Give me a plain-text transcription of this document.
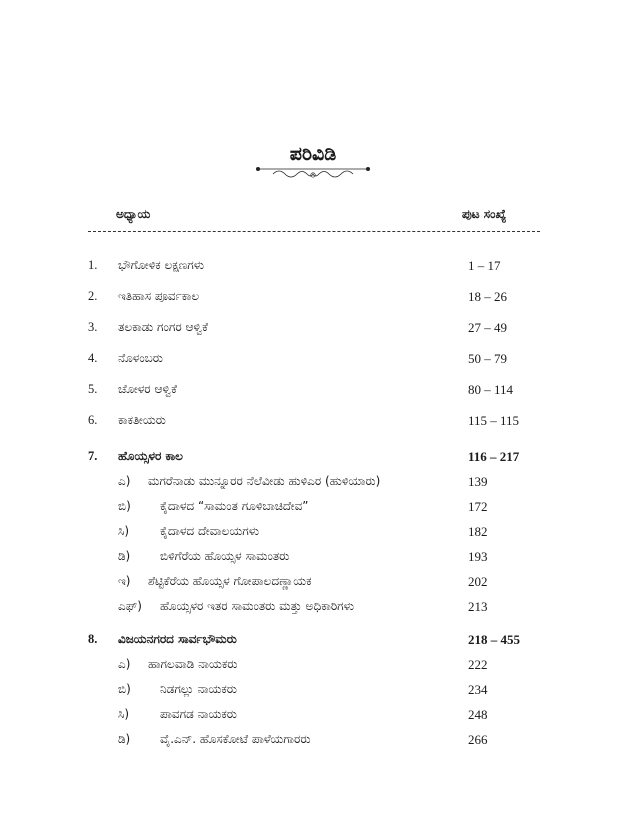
ಪರಿವಿಡಿ
ಅಧ್ಯಾಯ	ಪುಟ ಸಂಖ್ಯೆ
1. ಭೌಗೋಳಿಕ ಲಕ್ಷಣಗಳು	1 – 17
2. ಇತಿಹಾಸ ಪೂರ್ವಕಾಲ	18 – 26
3. ತಲಕಾಡು ಗಂಗರ ಆಳ್ವಿಕೆ	27 – 49
4. ನೊಳಂಬರು	50 – 79
5. ಚೋಳರ ಆಳ್ವಿಕೆ	80 – 114
6. ಕಾಕತೀಯರು	115 – 115
7. ಹೊಯ್ಸಳರ ಕಾಲ	116 – 217
ಎ) ಮಗರೆನಾಡು ಮುನ್ನೂರರ ನೆಲೆವೀಡು ಹುಳಿಎರ (ಹುಳಿಯಾರು)	139
ಬಿ) ಕೈದಾಳದ “ಸಾಮಂತ ಗೂಳಿಬಾಚಿದೇವ”	172
ಸಿ)	ಕೈದಾಳದ ದೇವಾಲಯಗಳು	182
ಡಿ) ಬಿಳಿಗೆರೆಯ ಹೊಯ್ಸಳ ಸಾಮಂತರು	193
ಇ) ಶೆಟ್ಟಿಕೆರೆಯ ಹೊಯ್ಸಳ ಗೋಪಾಲದಣ್ಣಾಯಕ	202
ಎಫ್) ಹೊಯ್ಸಳರ ಇತರ ಸಾಮಂತರು ಮತ್ತು ಅಧಿಕಾರಿಗಳು	213
8. ವಿಜಯನಗರದ ಸಾರ್ವಭೌಮರು	218 – 455
ಎ) ಹಾಗಲವಾಡಿ ನಾಯಕರು	222
ಬಿ) ನಿಡಗಲ್ಲು ನಾಯಕರು	234
ಸಿ)	ಪಾವಗಡ ನಾಯಕರು	248
ಡಿ) ವೈ.ಎನ್. ಹೊಸಕೋಟೆ ಪಾಳೆಯಗಾರರು	266
